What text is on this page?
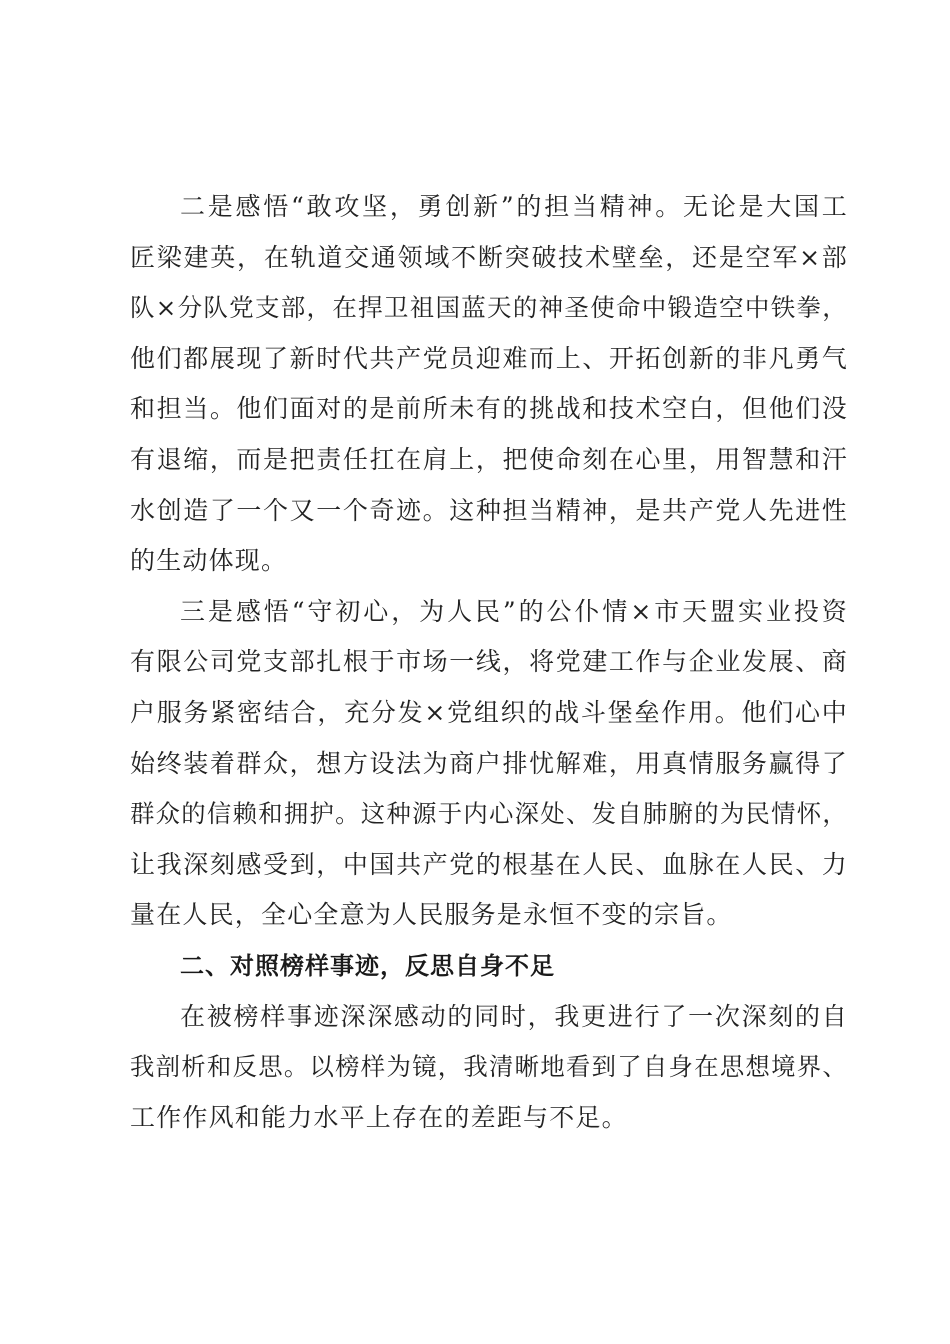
二是感悟“敢攻坚，勇创新”的担当精神。无论是大国工
匠梁建英，在轨道交通领域不断突破技术壁垒，还是空军×部
队×分队党支部，在捍卫祖国蓝天的神圣使命中锻造空中铁拳，
他们都展现了新时代共产党员迎难而上、开拓创新的非凡勇气
和担当。他们面对的是前所未有的挑战和技术空白，但他们没
有退缩，而是把责任扛在肩上，把使命刻在心里，用智慧和汗
水创造了一个又一个奇迹。这种担当精神，是共产党人先进性
的生动体现。
三是感悟“守初心，为人民”的公仆情×市天盟实业投资
有限公司党支部扎根于市场一线，将党建工作与企业发展、商
户服务紧密结合，充分发×党组织的战斗堡垒作用。他们心中
始终装着群众，想方设法为商户排忧解难，用真情服务赢得了
群众的信赖和拥护。这种源于内心深处、发自肺腑的为民情怀，
让我深刻感受到，中国共产党的根基在人民、血脉在人民、力
量在人民，全心全意为人民服务是永恒不变的宗旨。
二、对照榜样事迹，反思自身不足
在被榜样事迹深深感动的同时，我更进行了一次深刻的自
我剖析和反思。以榜样为镜，我清晰地看到了自身在思想境界、
工作作风和能力水平上存在的差距与不足。
